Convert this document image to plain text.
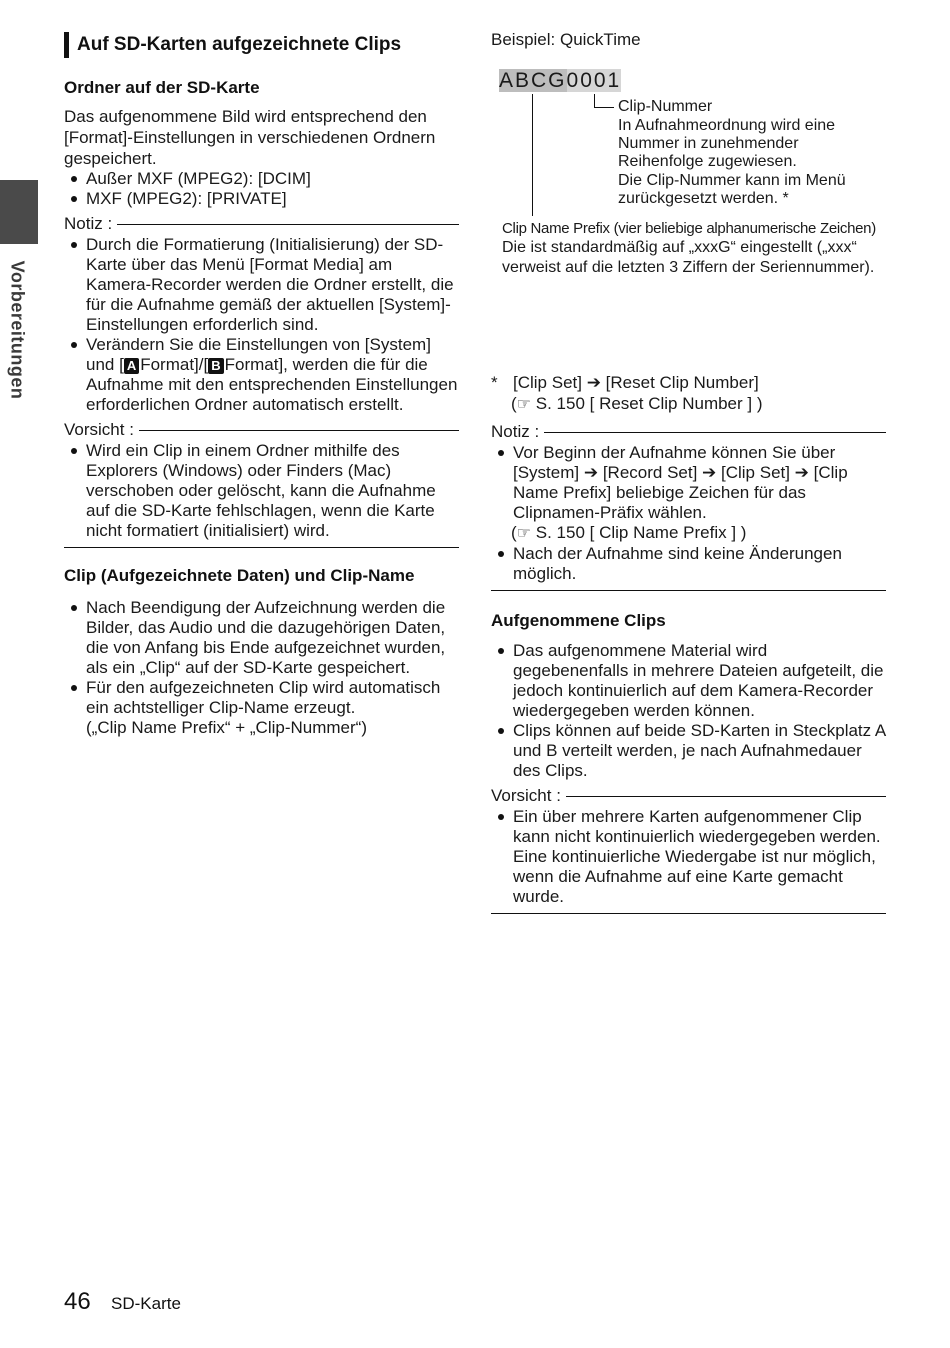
Vorbereitungen
Auf SD-Karten aufgezeichnete Clips
Ordner auf der SD-Karte

Das aufgenommene Bild wird entsprechend den [Format]-Einstellungen in verschiedenen Ordnern gespeichert.

Außer MXF (MPEG2): [DCIM]
MXF (MPEG2): [PRIVATE]
Notiz :
Durch die Formatierung (Initialisierung) der SD-Karte über das Menü [Format Media] am Kamera-Recorder werden die Ordner erstellt, die für die Aufnahme gemäß der aktuellen [System]-Einstellungen erforderlich sind.
Verändern Sie die Einstellungen von [System] und [ A Format]/[ B Format], werden die für die Aufnahme mit den entsprechenden Einstellungen erforderlichen Ordner automatisch erstellt.
Vorsicht :
Wird ein Clip in einem Ordner mithilfe des Explorers (Windows) oder Finders (Mac) verschoben oder gelöscht, kann die Aufnahme auf die SD-Karte fehlschlagen, wenn die Karte nicht formatiert (initialisiert) wird.
Clip (Aufgezeichnete Daten) und Clip-Name
Nach Beendigung der Aufzeichnung werden die Bilder, das Audio und die dazugehörigen Daten, die von Anfang bis Ende aufgezeichnet wurden, als ein „Clip“ auf der SD-Karte gespeichert.
Für den aufgezeichneten Clip wird automatisch ein achtstelliger Clip-Name erzeugt.
(„Clip Name Prefix“ + „Clip-Nummer“)
Beispiel: QuickTime
ABCG0001
Clip-Nummer
In Aufnahmeordnung wird eine Nummer in zunehmender Reihenfolge zugewiesen.
Die Clip-Nummer kann im Menü zurückgesetzt werden. *
Clip Name Prefix (vier beliebige alphanumerische Zeichen)
Die ist standardmäßig auf „xxxG“ eingestellt („xxx“ verweist auf die letzten 3 Ziffern der Seriennummer).
* [Clip Set] ➔ [Reset Clip Number]
(☞ S. 150 [ Reset Clip Number ] )
Notiz :
Vor Beginn der Aufnahme können Sie über [System] ➔ [Record Set] ➔ [Clip Set] ➔ [Clip Name Prefix] beliebige Zeichen für das Clipnamen-Präfix wählen.
(☞ S. 150 [ Clip Name Prefix ] )
Nach der Aufnahme sind keine Änderungen möglich.
Aufgenommene Clips
Das aufgenommene Material wird gegebenenfalls in mehrere Dateien aufgeteilt, die jedoch kontinuierlich auf dem Kamera-Recorder wiedergegeben werden können.
Clips können auf beide SD-Karten in Steckplatz A und B verteilt werden, je nach Aufnahmedauer des Clips.
Vorsicht :
Ein über mehrere Karten aufgenommener Clip kann nicht kontinuierlich wiedergegeben werden. Eine kontinuierliche Wiedergabe ist nur möglich, wenn die Aufnahme auf eine Karte gemacht wurde.
46 SD-Karte
